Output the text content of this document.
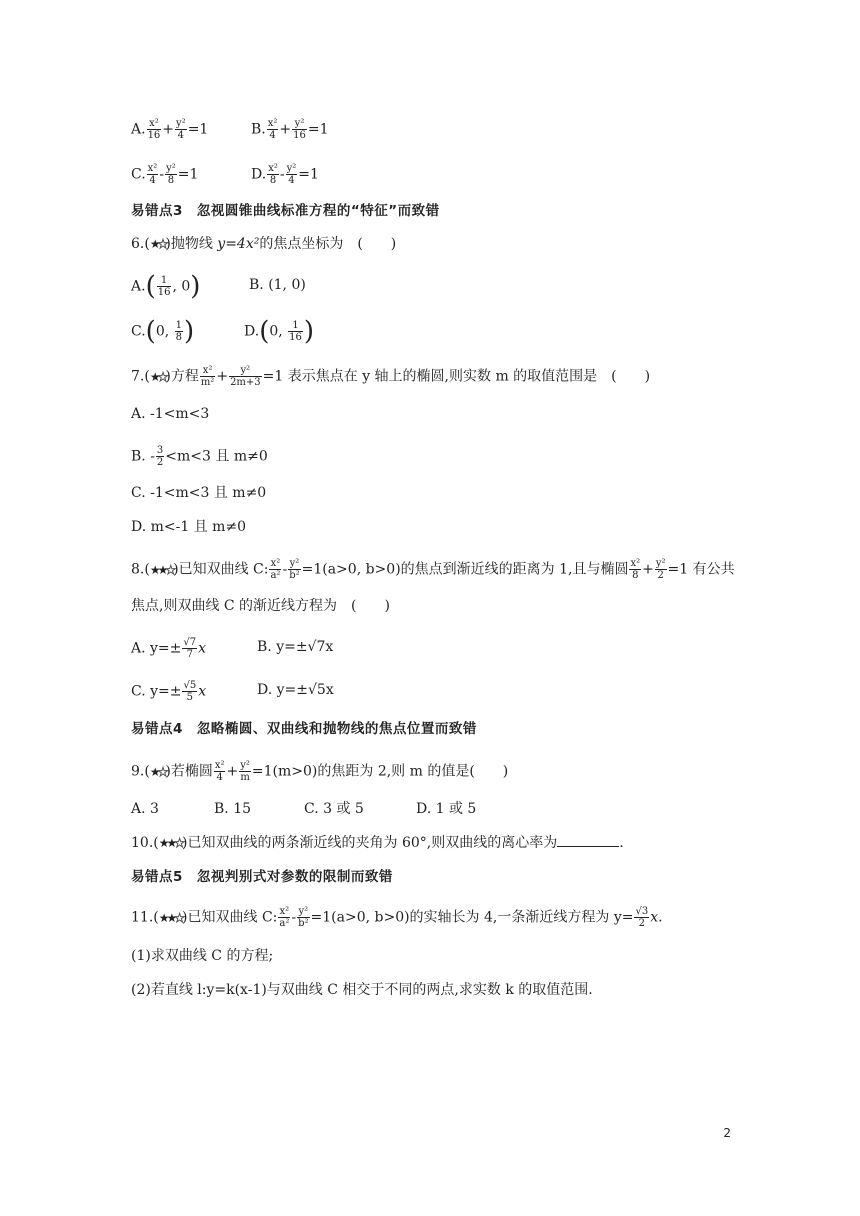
A. $\frac{\text{x²}}{16} + \frac{\text{y²}}{4} =1$	B. $\frac{\text{x²}}{4} + \frac{\text{y²}}{16} =1$
C. $\frac{\text{x²}}{4} - \frac{\text{y²}}{8} =1$	D. $\frac{\text{x²}}{8} - \frac{\text{y²}}{4} =1$
易错点3　忽视圆锥曲线标准方程的“特征”而致错
6.(★★)抛物线 y=4x²的焦点坐标为　(　　)
$A.( \frac{1}{16}$ , 0)	B. (1, 0)
C.(0, $\frac{1}{8}$ )	D.(0, $\frac{1}{16}$ )
7.(★★)方程 $\frac{\text{x²}}{\text{m²}} + \frac{\text{y²}}{2m+3} =1$ 表示焦点在 y 轴上的椭圆,则实数 m 的取值范围是　(　　)
A. -1<m<3
B. - $\frac{3}{2} <m<3$ 且 m≠0
C. -1<m<3 且 m≠0
D. m<-1 且 m≠0
8.(★★★)已知双曲线 C: $\frac{\text{x²}}{\text{a²}} - \frac{\text{y²}}{\text{b²}} =1(a>0$, b>0)的焦点到渐近线的距离为 1,且与椭圆 $\frac{\text{x²}}{8} + \frac{\text{y²}}{2} =1$ 有公共
焦点,则双曲线 C 的渐近线方程为　(　　)
A. $y=\pm \frac{√7}{7}$ x	B. y=±√7x
C. $y=\pm \frac{√5}{5}$ x	D. y=±√5x
易错点4　忽略椭圆、双曲线和抛物线的焦点位置而致错
9.(★★)若椭圆 $\frac{\text{x²}}{4} + \frac{\text{y²}}{m} =1(m>0)$的焦距为 2,则 m 的值是(　　)
A. 3	B. 15	C. 3 或 5	D. 1 或 5
10.(★★★)已知双曲线的两条渐近线的夹角为 60°,则双曲线的离心率为	.
易错点5　忽视判别式对参数的限制而致错
11.(★★★)已知双曲线 C: $\frac{\text{x²}}{\text{a²}} - \frac{\text{y²}}{\text{b²}} =1(a>0$, b>0)的实轴长为 4,一条渐近线方程为 $y= \frac{√3}{2} x$.
(1)求双曲线 C 的方程;
(2)若直线 l:y=k(x-1)与双曲线 C 相交于不同的两点,求实数 k 的取值范围.
2
